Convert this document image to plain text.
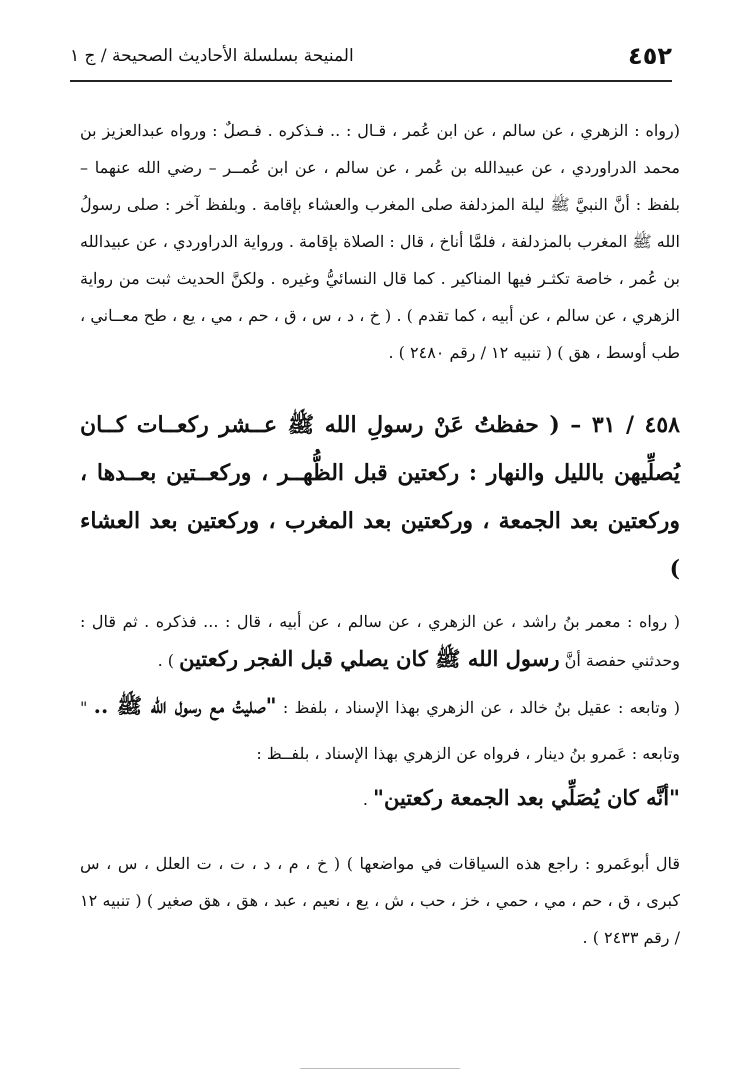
٤٥٢
المنيحة بسلسلة الأحاديث الصحيحة / ج ١

(رواه : الزهري ، عن سالم ، عن ابن عُمر ، قـال : .. فـذكره . فـصلٌ : ورواه عبدالعزيز بن محمد الدراوردي ، عن عبيدالله بن عُمر ، عن سالم ، عن ابن عُمــر – رضي الله عنهما – بلفظ : أنَّ النبيَّ ﷺ ليلة المزدلفة صلى المغرب والعشاء بإقامة . وبلفظ آخر : صلى رسولُ الله ﷺ المغرب بالمزدلفة ، فلمَّا أناخ ، قال : الصلاة بإقامة . ورواية الدراوردي ، عن عبيدالله بن عُمر ، خاصة تكثـر فيها المناكير . كما قال النسائيُّ وغيره . ولكنَّ الحديث ثبت من رواية الزهري ، عن سالم ، عن أبيه ، كما تقدم ) . ( خ ، د ، س ، ق ، حم ، مي ، يع ، طح معــاني ، طب أوسط ، هق ) ( تنبيه ١٢ / رقم ٢٤٨٠ ) .

٤٥٨ / ٣١ – ( حفظتُ عَنْ رسولِ الله ﷺ عــشر ركعــات كــان يُصلِّيهن بالليل والنهار : ركعتين قبل الظُّهــر ، وركعــتين بعــدها ، وركعتين بعد الجمعة ، وركعتين بعد المغرب ، وركعتين بعد العشاء )

( رواه : معمر بنُ راشد ، عن الزهري ، عن سالم ، عن أبيه ، قال : ... فذكره . ثم قال : وحدثني حفصة أنَّ رسول الله ﷺ كان يصلي قبل الفجر ركعتين ) .

( وتابعه : عقيل بنُ خالد ، عن الزهري بهذا الإسناد ، بلفظ : "صليتُ مع رسول الله ﷺ .. " وتابعه : عَمرو بنُ دينار ، فرواه عن الزهري بهذا الإسناد ، بلفــظ :

"أنَّه كان يُصَلِّي بعد الجمعة ركعتين" .

قال أبوعَمرو : راجع هذه السياقات في مواضعها ) ( خ ، م ، د ، ت ، ت العلل ، س ، س كبرى ، ق ، حم ، مي ، حمي ، خز ، حب ، ش ، يع ، نعيم ، عبد ، هق ، هق صغير ) ( تنبيه ١٢ / رقم ٢٤٣٣ ) .
